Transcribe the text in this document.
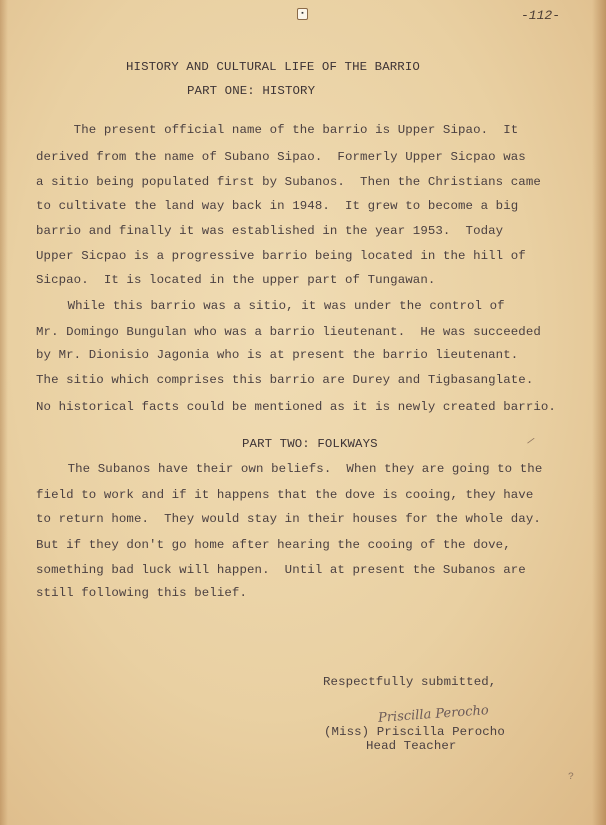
▪	-112-
HISTORY AND CULTURAL LIFE OF THE BARRIO
PART ONE: HISTORY
The present official name of the barrio is Upper Sipao.  It
derived from the name of Subano Sipao.  Formerly Upper Sicpao was
a sitio being populated first by Subanos.  Then the Christians came
to cultivate the land way back in 1948.  It grew to become a big
barrio and finally it was established in the year 1953.  Today
Upper Sicpao is a progressive barrio being located in the hill of
Sicpao.  It is located in the upper part of Tungawan.
While this barrio was a sitio, it was under the control of
Mr. Domingo Bungulan who was a barrio lieutenant.  He was succeeded
by Mr. Dionisio Jagonia who is at present the barrio lieutenant.
The sitio which comprises this barrio are Durey and Tigbasanglate.
No historical facts could be mentioned as it is newly created barrio.
PART TWO: FOLKWAYS
The Subanos have their own beliefs.  When they are going to the
field to work and if it happens that the dove is cooing, they have
to return home.  They would stay in their houses for the whole day.
But if they don't go home after hearing the cooing of the dove,
something bad luck will happen.  Until at present the Subanos are
still following this belief.
Respectfully submitted,
Priscilla Perocho
(Miss) Priscilla Perocho
Head Teacher
/
?
